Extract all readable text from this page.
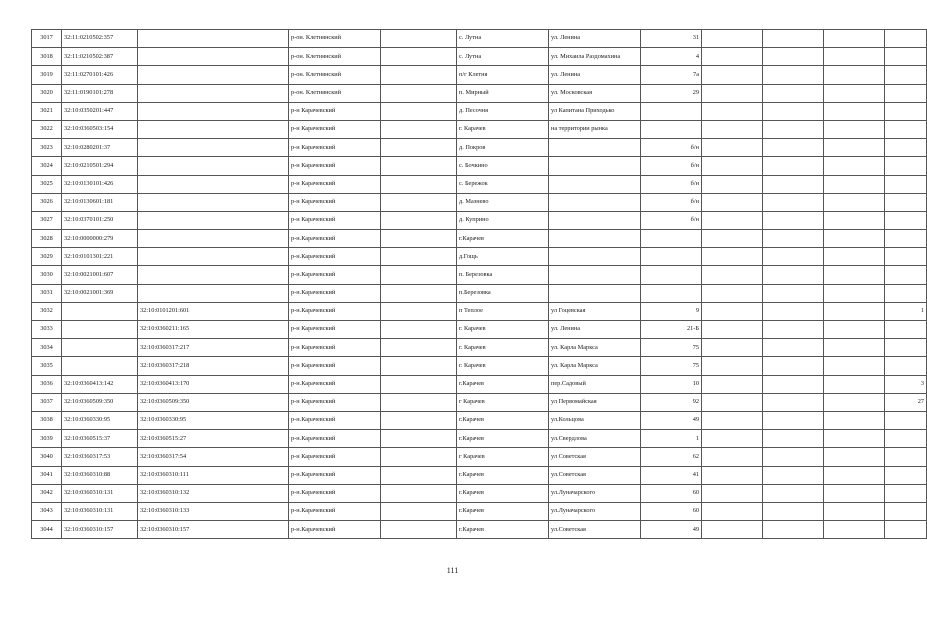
3017	32:11:0210502:357		р-он. Клетнянский		с. Лутна	ул. Ленина	31				
3018	32:11:0210502:387		р-он. Клетнянский		с. Лутна	ул. Михаила Раздомахина	4				
3019	32:11:0270101:426		р-он. Клетнянский		п/г Клетня	ул. Ленина	7а				
3020	32:11:0190101:278		р-он. Клетнянский		п. Мирный	ул. Московская	29				
3021	32:10:0350201:447		р-н Карачевский		д. Песочня	ул Капитана Приходько					
3022	32:10:0360503:154		р-н Карачевский		г. Карачев	на территории рынка					
3023	32:10:0280201:37		р-н Карачевский		д. Покров		б/н				
3024	32:10:0210501:294		р-н Карачевский		с. Бочкино		б/н				
3025	32:10:0130101:426		р-н Карачевский		с. Бережок		б/н				
3026	32:10:0130601:181		р-н Карачевский		д. Мазнево		б/н				
3027	32:10:0370101:250		р-н Карачевский		д. Куприно		б/н				
3028	32:10:0000000:279		р-н.Карачевский		г.Карачев						
3029	32:10:0101301:221		р-н.Карачевский		д.Гощь						
3030	32:10:0021001:607		р-н.Карачевский		п. Березовка						
3031	32:10:0021001:369		р-н.Карачевский		п.Березовка						
3032		32:10:0101201:601	р-н.Карачевский		п Теплое	ул Гоцевская	9				1
3033		32:10:0360211:165	р-н Карачевский		г. Карачев	ул. Ленина	21-Б				
3034		32:10:0360317:217	р-н Карачевский		г. Карачев	ул. Карла Маркса	75				
3035		32:10:0360317:218	р-н Карачевский		г. Карачев	ул. Карла Маркса	75				
3036	32:10:0360413:142	32:10:0360413:170	р-н.Карачевский		г.Карачев	пер.Садовый	10				3
3037	32:10:0360509:350	32:10:0360509:350	р-н Карачевский		г Карачев	ул Первомайская	92				27
3038	32:10:0360330:95	32:10:0360330:95	р-н.Карачевский		г.Карачев	ул.Кольцова	49				
3039	32:10:0360515:37	32:10:0360515:27	р-н.Карачевский		г.Карачев	ул.Свердлова	1				
3040	32:10:0360317:53	32:10:0360317:54	р-н Карачевский		г Карачев	ул Советская	62				
3041	32:10:0360310:88	32:10:0360310:111	р-н.Карачевский		г.Карачев	ул.Советская	41				
3042	32:10:0360310:131	32:10:0360310:132	р-н.Карачевский		г.Карачев	ул.Луначарского	60				
3043	32:10:0360310:131	32:10:0360310:133	р-н.Карачевский		г.Карачев	ул.Луначарского	60				
3044	32:10:0360310:157	32:10:0360310:157	р-н.Карачевский		г.Карачев	ул.Советская	49				
111
